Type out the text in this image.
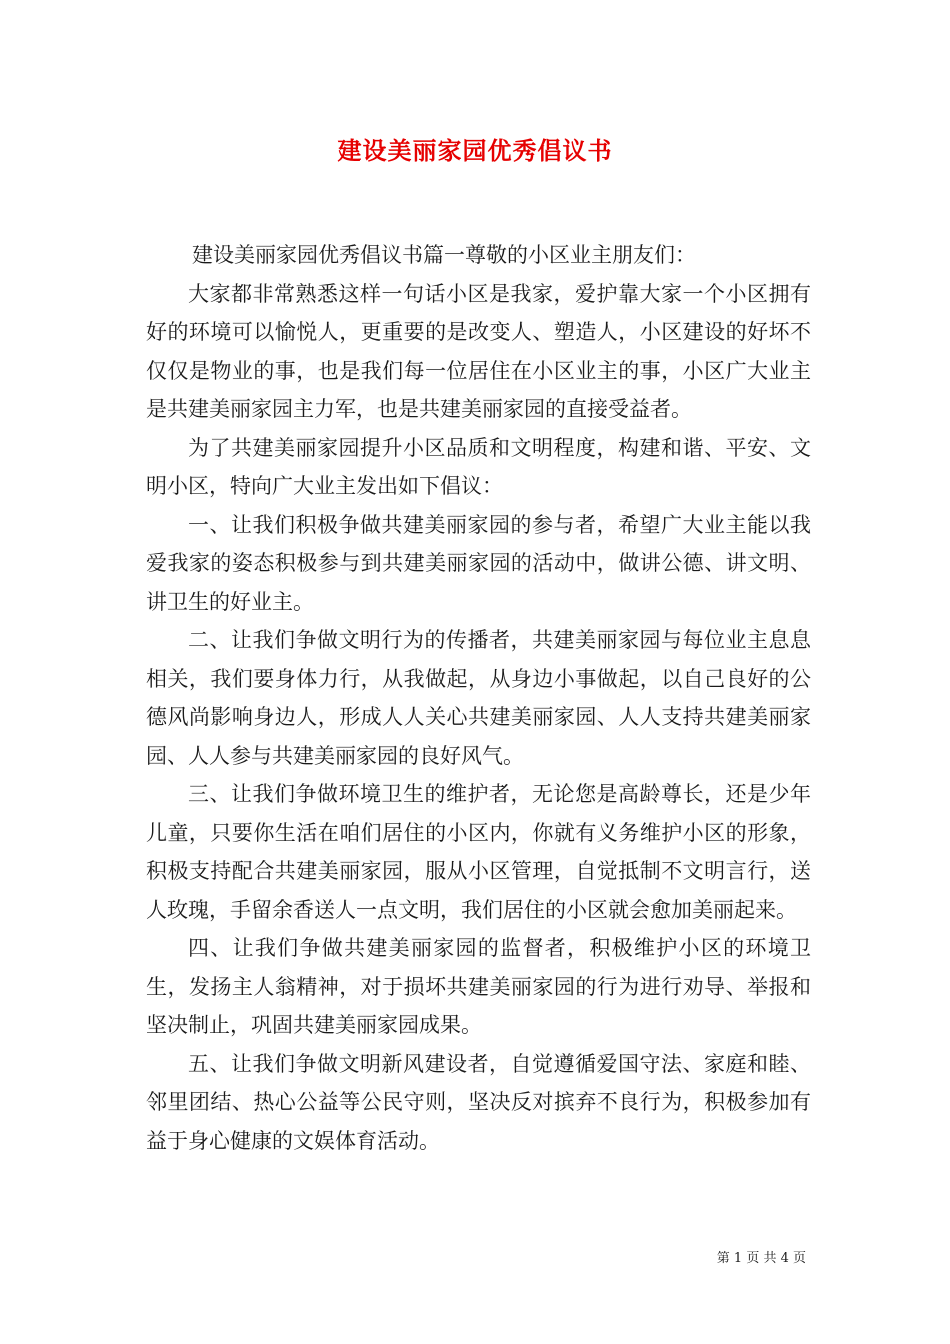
建设美丽家园优秀倡议书

建设美丽家园优秀倡议书篇一尊敬的小区业主朋友们：

大家都非常熟悉这样一句话小区是我家，爱护靠大家一个小区拥有好的环境可以愉悦人，更重要的是改变人、塑造人，小区建设的好坏不仅仅是物业的事，也是我们每一位居住在小区业主的事，小区广大业主是共建美丽家园主力军，也是共建美丽家园的直接受益者。

为了共建美丽家园提升小区品质和文明程度，构建和谐、平安、文明小区，特向广大业主发出如下倡议：

一、让我们积极争做共建美丽家园的参与者，希望广大业主能以我爱我家的姿态积极参与到共建美丽家园的活动中，做讲公德、讲文明、讲卫生的好业主。

二、让我们争做文明行为的传播者，共建美丽家园与每位业主息息相关，我们要身体力行，从我做起，从身边小事做起，以自己良好的公德风尚影响身边人，形成人人关心共建美丽家园、人人支持共建美丽家园、人人参与共建美丽家园的良好风气。

三、让我们争做环境卫生的维护者，无论您是高龄尊长，还是少年儿童，只要你生活在咱们居住的小区内，你就有义务维护小区的形象，积极支持配合共建美丽家园，服从小区管理，自觉抵制不文明言行，送人玫瑰，手留余香送人一点文明，我们居住的小区就会愈加美丽起来。

四、让我们争做共建美丽家园的监督者，积极维护小区的环境卫生，发扬主人翁精神，对于损坏共建美丽家园的行为进行劝导、举报和坚决制止，巩固共建美丽家园成果。

五、让我们争做文明新风建设者，自觉遵循爱国守法、家庭和睦、邻里团结、热心公益等公民守则，坚决反对摈弃不良行为，积极参加有益于身心健康的文娱体育活动。

第 1 页 共 4 页
